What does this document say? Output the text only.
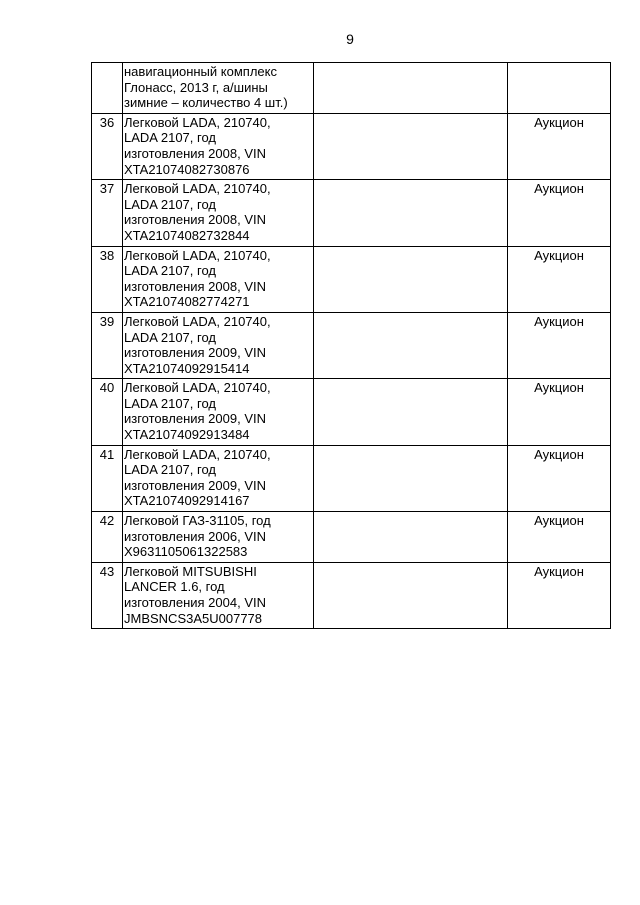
9

	навигационный комплекс
Глонасс, 2013 г, а/шины
зимние – количество 4 шт.)		

36	Легковой LADA, 210740,
LADA 2107, год
изготовления 2008, VIN
XTA21074082730876		Аукцион
37	Легковой LADA, 210740,
LADA 2107, год
изготовления 2008, VIN
XTA21074082732844		Аукцион
38	Легковой LADA, 210740,
LADA 2107, год
изготовления 2008, VIN
XTA21074082774271		Аукцион
39	Легковой LADA, 210740,
LADA 2107, год
изготовления 2009, VIN
XTA21074092915414		Аукцион
40	Легковой LADA, 210740,
LADA 2107, год
изготовления 2009, VIN
XTA21074092913484		Аукцион
41	Легковой LADA, 210740,
LADA 2107, год
изготовления 2009, VIN
XTA21074092914167		Аукцион
42	Легковой ГАЗ-31105, год
изготовления 2006, VIN
X9631105061322583		Аукцион
43	Легковой MITSUBISHI
LANCER 1.6, год
изготовления 2004, VIN
JMBSNCS3A5U007778		Аукцион
